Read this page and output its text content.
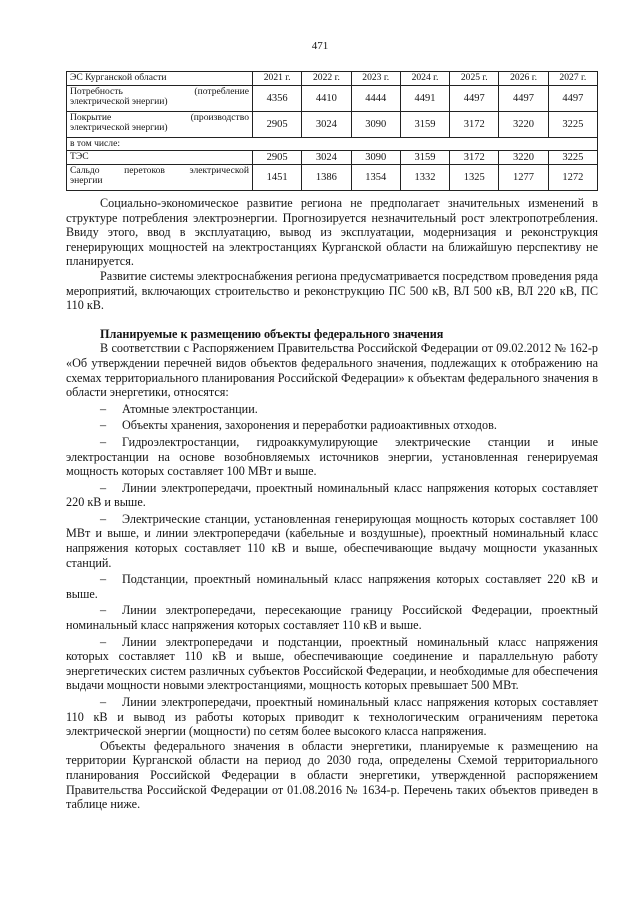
471
ЭС Курганской области	2021 г.	2022 г.	2023 г.	2024 г.	2025 г.	2026 г.	2027 г.

Потребность (потребление
электрической энергии)	4356	4410	4444	4491	4497	4497	4497

Покрытие (производство
электрической энергии)	2905	3024	3090	3159	3172	3220	3225
в том числе:							
ТЭС	2905	3024	3090	3159	3172	3220	3225

Сальдо перетоков электрической
энергии	1451	1386	1354	1332	1325	1277	1272

Социально-экономическое развитие региона не предполагает значительных изменений в структуре потребления электроэнергии. Прогнозируется незначительный рост электропотребления. Ввиду этого, ввод в эксплуатацию, вывод из эксплуатации, модернизация и реконструкция генерирующих мощностей на электростанциях Курганской области на ближайшую перспективу не планируется.

Развитие системы электроснабжения региона предусматривается посредством проведения ряда мероприятий, включающих строительство и реконструкцию ПС 500 кВ, ВЛ 500 кВ, ВЛ 220 кВ, ПС 110 кВ.

Планируемые к размещению объекты федерального значения

В соответствии с Распоряжением Правительства Российской Федерации от 09.02.2012 № 162-р «Об утверждении перечней видов объектов федерального значения, подлежащих к отображению на схемах территориального планирования Российской Федерации» к объектам федерального значения в области энергетики, относятся:

– Атомные электростанции.
– Объекты хранения, захоронения и переработки радиоактивных отходов.
– Гидроэлектростанции, гидроаккумулирующие электрические станции и иные электростанции на основе возобновляемых источников энергии, установленная генерируемая мощность которых составляет 100 МВт и выше.
– Линии электропередачи, проектный номинальный класс напряжения которых составляет 220 кВ и выше.
– Электрические станции, установленная генерирующая мощность которых составляет 100 МВт и выше, и линии электропередачи (кабельные и воздушные), проектный номинальный класс напряжения которых составляет 110 кВ и выше, обеспечивающие выдачу мощности указанных станций.
– Подстанции, проектный номинальный класс напряжения которых составляет 220 кВ и выше.
– Линии электропередачи, пересекающие границу Российской Федерации, проектный номинальный класс напряжения которых составляет 110 кВ и выше.
– Линии электропередачи и подстанции, проектный номинальный класс напряжения которых составляет 110 кВ и выше, обеспечивающие соединение и параллельную работу энергетических систем различных субъектов Российской Федерации, и необходимые для обеспечения выдачи мощности новыми электростанциями, мощность которых превышает 500 МВт.
– Линии электропередачи, проектный номинальный класс напряжения которых составляет 110 кВ и вывод из работы которых приводит к технологическим ограничениям перетока электрической энергии (мощности) по сетям более высокого класса напряжения.

Объекты федерального значения в области энергетики, планируемые к размещению на территории Курганской области на период до 2030 года, определены Схемой территориального планирования Российской Федерации в области энергетики, утвержденной распоряжением Правительства Российской Федерации от 01.08.2016 № 1634-р. Перечень таких объектов приведен в таблице ниже.
